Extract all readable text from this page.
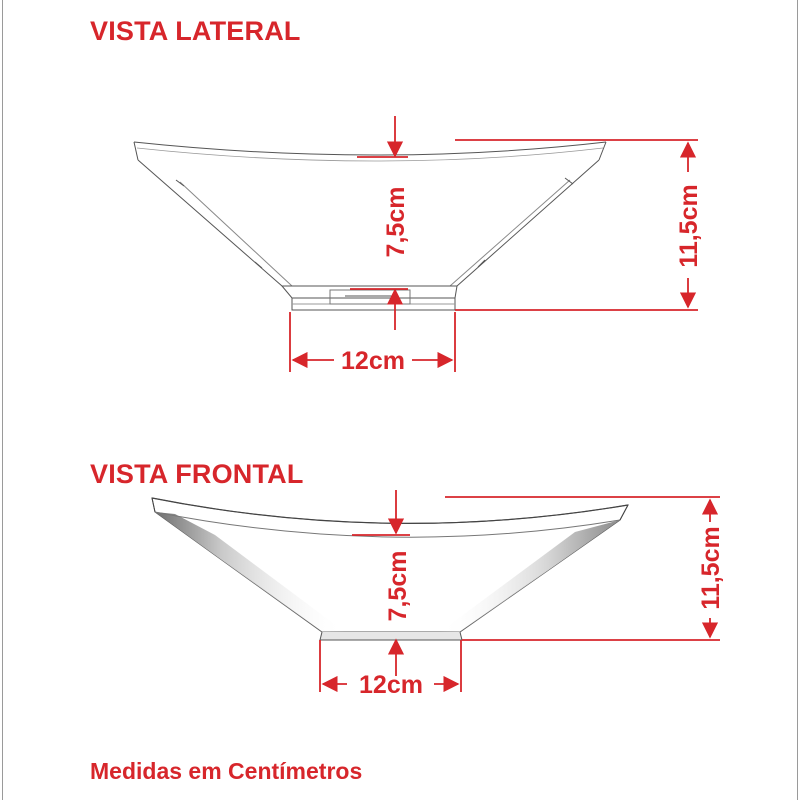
VISTA LATERAL
VISTA FRONTAL

Medidas em Centímetros

7,5cm	11,5cm
12cm
7,5cm	11,5cm
12cm
